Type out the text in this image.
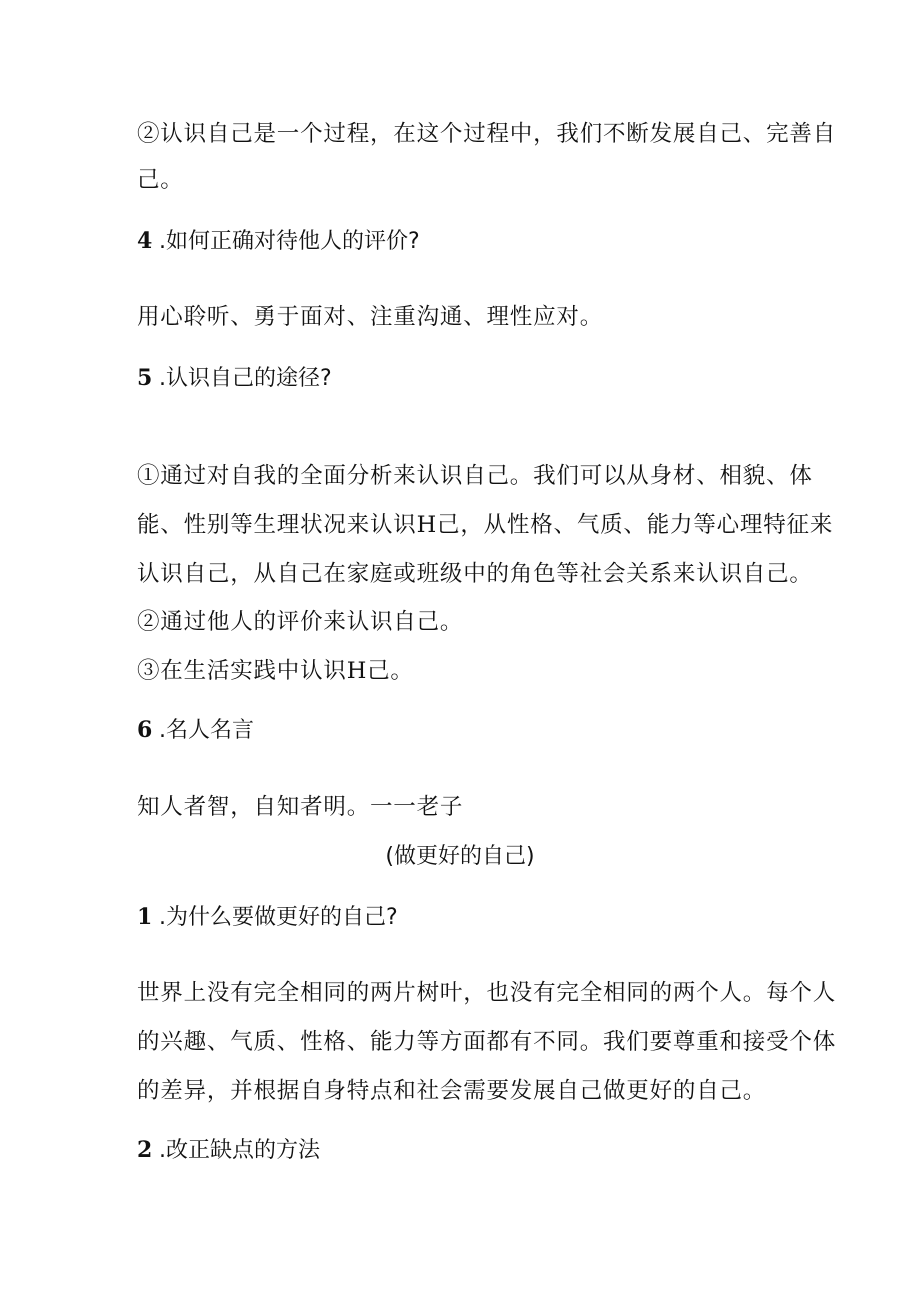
②认识自己是一个过程，在这个过程中，我们不断发展自己、完善自
己。
4 .如何正确对待他人的评价?
用心聆听、勇于面对、注重沟通、理性应对。
5 .认识自己的途径?
①通过对自我的全面分析来认识自己。我们可以从身材、相貌、体
能、性别等生理状况来认识H己，从性格、气质、能力等心理特征来
认识自己，从自己在家庭或班级中的角色等社会关系来认识自己。
②通过他人的评价来认识自己。
③在生活实践中认识H己。
6 .名人名言
知人者智，自知者明。一一老子
(做更好的自己)
1 .为什么要做更好的自己?
世界上没有完全相同的两片树叶，也没有完全相同的两个人。每个人
的兴趣、气质、性格、能力等方面都有不同。我们要尊重和接受个体
的差异，并根据自身特点和社会需要发展自己做更好的自己。
2 .改正缺点的方法
